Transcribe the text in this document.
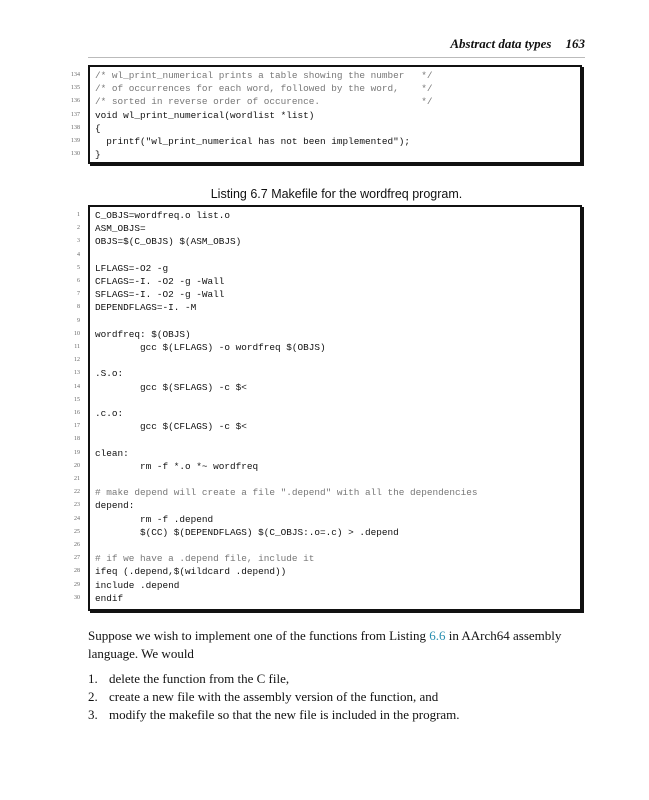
Abstract data types 163
134 /* wl_print_numerical prints a table showing the number   */
135 /* of occurrences for each word, followed by the word,    */
136 /* sorted in reverse order of occurence.                  */
137 void wl_print_numerical(wordlist *list)
138 {
139 printf("wl_print_numerical has not been implemented");
130 }
Listing 6.7 Makefile for the wordfreq program.
1 C_OBJS=wordfreq.o list.o
2 ASM_OBJS=
3 OBJS=$(C_OBJS) $(ASM_OBJS)
4
5 LFLAGS=-O2 -g
6 CFLAGS=-I. -O2 -g -Wall
7 SFLAGS=-I. -O2 -g -Wall
8 DEPENDFLAGS=-I. -M
9
10 wordfreq: $(OBJS)
11 gcc $(LFLAGS) -o wordfreq $(OBJS)
12
13 .S.o:
14 gcc $(SFLAGS) -c $<
15
16 .c.o:
17 gcc $(CFLAGS) -c $<
18
19 clean:
20 rm -f *.o *~ wordfreq
21
22 # make depend will create a file ".depend" with all the dependencies
23 depend:
24 rm -f .depend
25 $(CC) $(DEPENDFLAGS) $(C_OBJS:.o=.c) > .depend
26
27 # if we have a .depend file, include it
28 ifeq (.depend,$(wildcard .depend))
29 include .depend
30 endif
Suppose we wish to implement one of the functions from Listing 6.6 in AArch64 assembly language. We would
1. delete the function from the C file,
2. create a new file with the assembly version of the function, and
3. modify the makefile so that the new file is included in the program.
